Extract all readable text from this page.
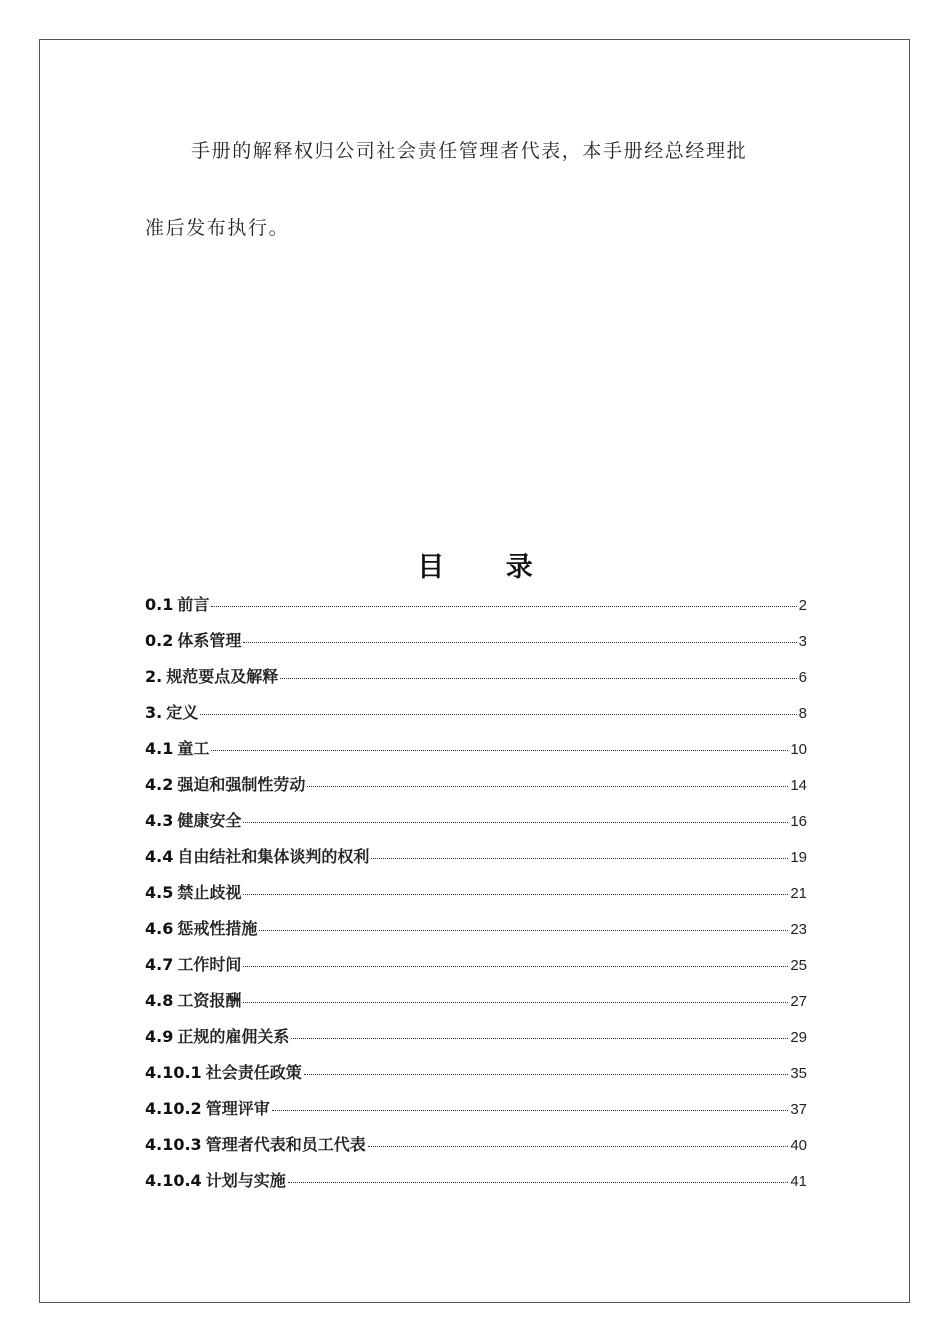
手册的解释权归公司社会责任管理者代表，本手册经总经理批
准后发布执行。
目 录
0.1 前言	2
0.2 体系管理	3
2. 规范要点及解释	6
3. 定义	8
4.1 童工	10
4.2 强迫和强制性劳动	14
4.3 健康安全	16
4.4 自由结社和集体谈判的权利	19
4.5 禁止歧视	21
4.6 惩戒性措施	23
4.7 工作时间	25
4.8 工资报酬	27
4.9 正规的雇佣关系	29
4.10.1 社会责任政策	35
4.10.2 管理评审	37
4.10.3 管理者代表和员工代表	40
4.10.4 计划与实施	41
